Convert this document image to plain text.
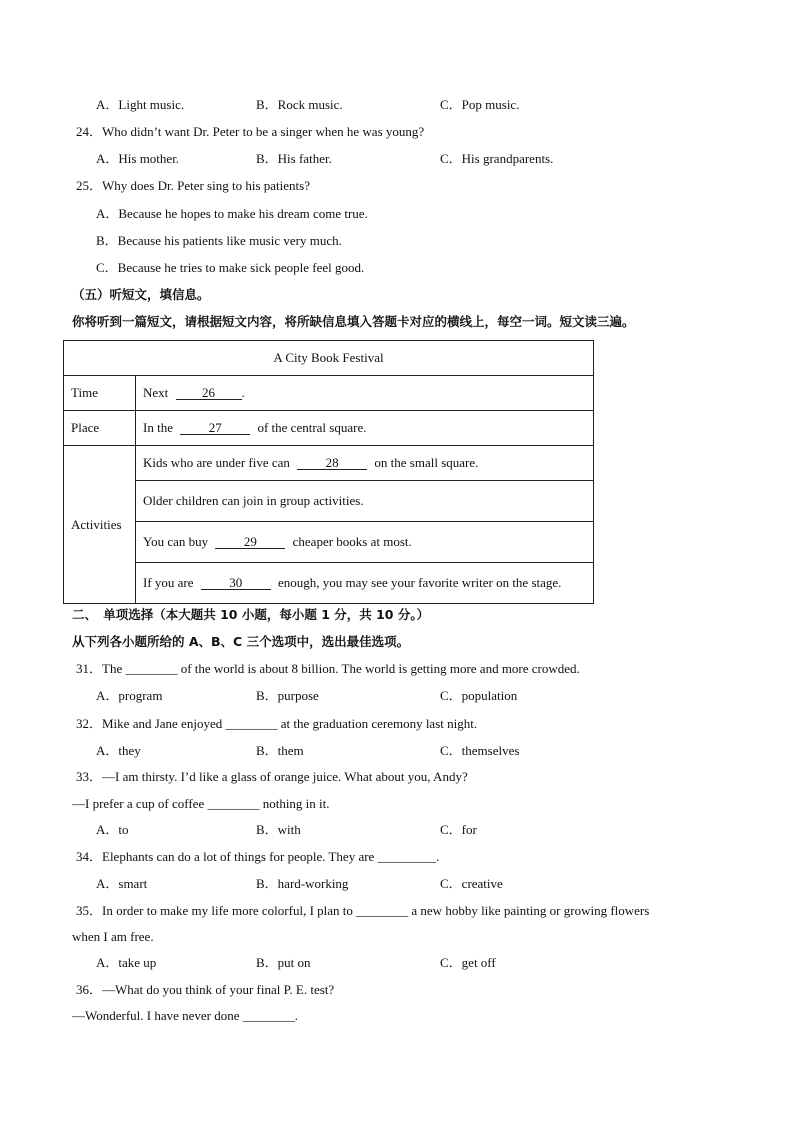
A．Light music.	B．Rock music.	C．Pop music.
24．Who didn’t want Dr. Peter to be a singer when he was young?
A．His mother.	B．His father.	C．His grandparents.
25．Why does Dr. Peter sing to his patients?
A．Because he hopes to make his dream come true.
B．Because his patients like music very much.
C．Because he tries to make sick people feel good.
（五）听短文，填信息。
你将听到一篇短文，请根据短文内容，将所缺信息填入答题卡对应的横线上，每空一词。短文读三遍。
A City Book Festival	
Time	Next 26 .
Place	In the 27 of the central square.
Activities	Kids who are under five can 28 on the small square.
	Older children can join in group activities.
	You can buy 29 cheaper books at most.
	If you are 30 enough, you may see your favorite writer on the stage.
二、　单项选择（本大题共 10 小题，每小题 1 分，共 10 分。）
从下列各小题所给的 A、B、C 三个选项中，选出最佳选项。
31．The ________ of the world is about 8 billion. The world is getting more and more crowded.
A．program	B．purpose	C．population
32．Mike and Jane enjoyed ________ at the graduation ceremony last night.
A．they	B．them	C．themselves
33．—I am thirsty. I’d like a glass of orange juice. What about you, Andy?
—I prefer a cup of coffee ________ nothing in it.
A．to	B．with	C．for
34．Elephants can do a lot of things for people. They are _________.
A．smart	B．hard-working	C．creative
35．In order to make my life more colorful, I plan to ________ a new hobby like painting or growing flowers
when I am free.
A．take up	B．put on	C．get off
36．—What do you think of your final P. E. test?
—Wonderful. I have never done ________.
